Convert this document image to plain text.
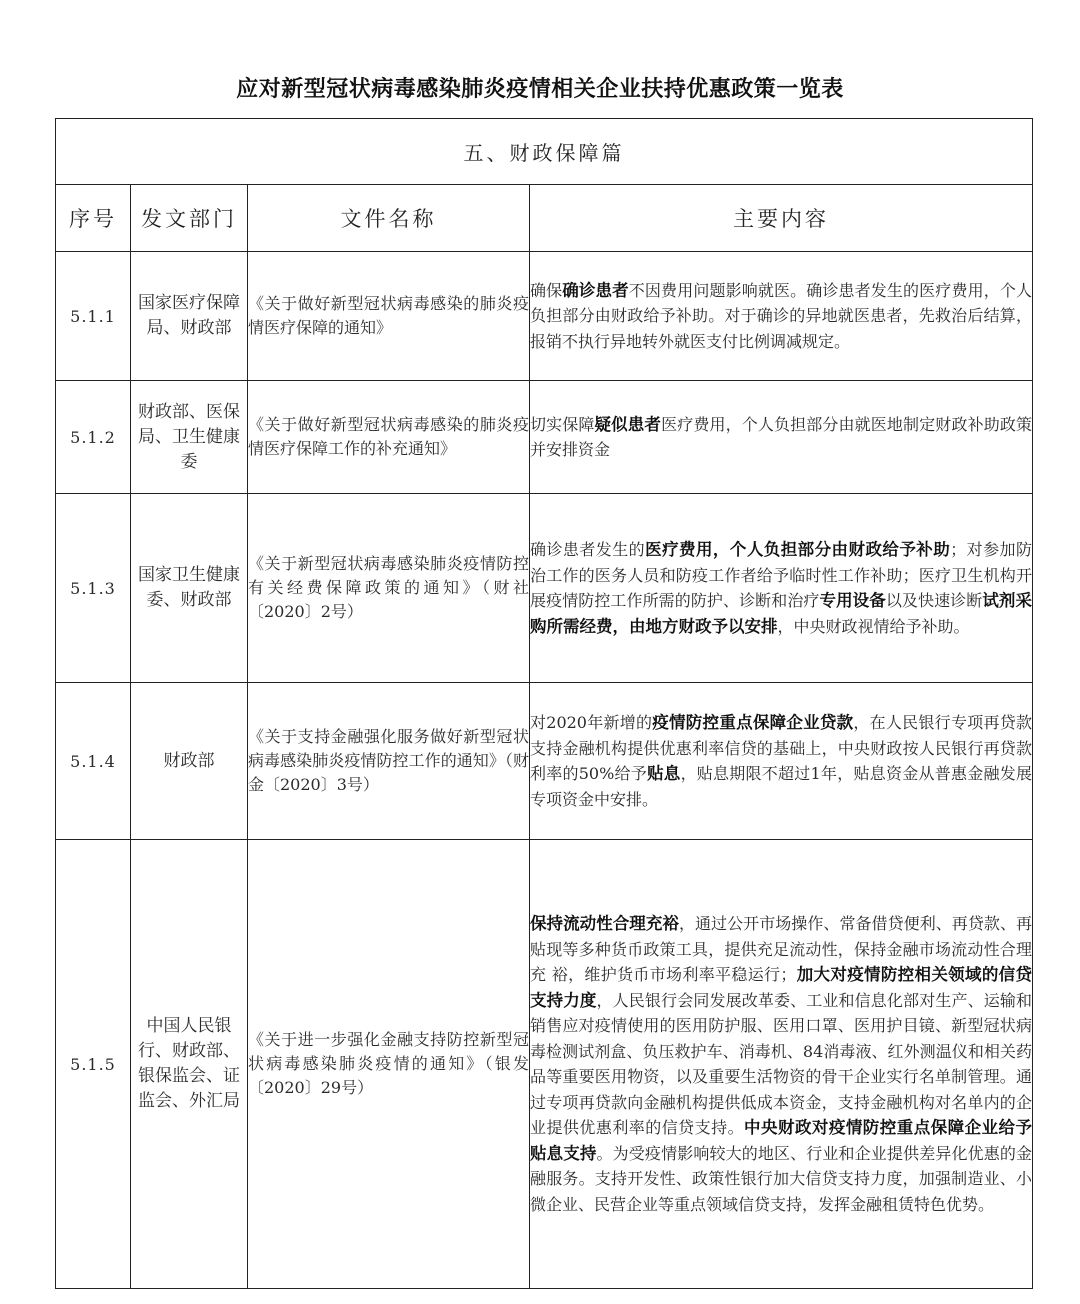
应对新型冠状病毒感染肺炎疫情相关企业扶持优惠政策一览表
五、财政保障篇			
序号	发文部门	文件名称	主要内容
5.1.1	国家医疗保障局、财政部	《关于做好新型冠状病毒感染的肺炎疫情医疗保障的通知》	确保确诊患者不因费用问题影响就医。确诊患者发生的医疗费用，个人负担部分由财政给予补助。对于确诊的异地就医患者，先救治后结算，报销不执行异地转外就医支付比例调减规定。
5.1.2	财政部、医保局、卫生健康委	《关于做好新型冠状病毒感染的肺炎疫情医疗保障工作的补充通知》	切实保障疑似患者医疗费用，个人负担部分由就医地制定财政补助政策并安排资金
5.1.3	国家卫生健康委、财政部	《关于新型冠状病毒感染肺炎疫情防控有关经费保障政策的通知》（财社〔2020〕2号）	确诊患者发生的医疗费用，个人负担部分由财政给予补助；对参加防治工作的医务人员和防疫工作者给予临时性工作补助；医疗卫生机构开展疫情防控工作所需的防护、诊断和治疗专用设备以及快速诊断试剂采购所需经费，由地方财政予以安排，中央财政视情给予补助。
5.1.4	财政部	《关于支持金融强化服务做好新型冠状病毒感染肺炎疫情防控工作的通知》（财金〔2020〕3号）	对2020年新增的疫情防控重点保障企业贷款，在人民银行专项再贷款支持金融机构提供优惠利率信贷的基础上，中央财政按人民银行再贷款利率的50%给予贴息，贴息期限不超过1年，贴息资金从普惠金融发展专项资金中安排。
5.1.5	中国人民银行、财政部、银保监会、证监会、外汇局	《关于进一步强化金融支持防控新型冠状病毒感染肺炎疫情的通知》（银发〔2020〕29号）	保持流动性合理充裕，通过公开市场操作、常备借贷便利、再贷款、再贴现等多种货币政策工具，提供充足流动性，保持金融市场流动性合理充 裕，维护货币市场利率平稳运行；加大对疫情防控相关领域的信贷支持力度，人民银行会同发展改革委、工业和信息化部对生产、运输和销售应对疫情使用的医用防护服、医用口罩、医用护目镜、新型冠状病毒检测试剂盒、负压救护车、消毒机、84消毒液、红外测温仪和相关药品等重要医用物资，以及重要生活物资的骨干企业实行名单制管理。通过专项再贷款向金融机构提供低成本资金，支持金融机构对名单内的企业提供优惠利率的信贷支持。中央财政对疫情防控重点保障企业给予贴息支持。为受疫情影响较大的地区、行业和企业提供差异化优惠的金融服务。支持开发性、政策性银行加大信贷支持力度，加强制造业、小微企业、民营企业等重点领域信贷支持，发挥金融租赁特色优势。
